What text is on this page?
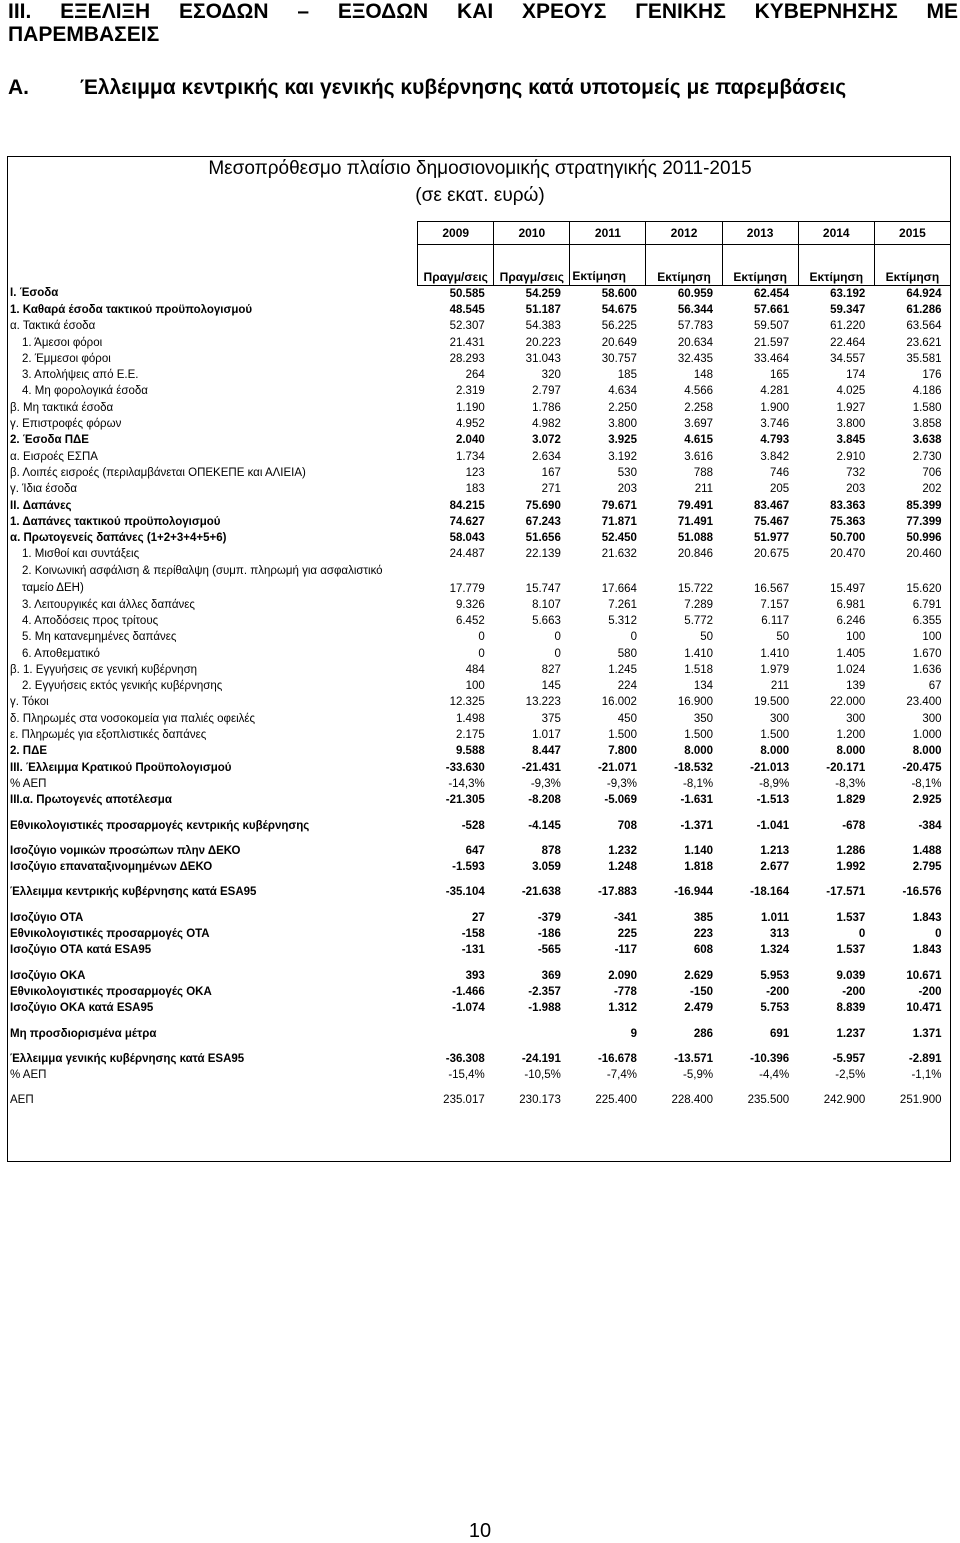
III. ΕΞΕΛΙΞΗ ΕΣΟΔΩΝ – ΕΞΟΔΩΝ ΚΑΙ ΧΡΕΟΥΣ ΓΕΝΙΚΗΣ ΚΥΒΕΡΝΗΣΗΣ ΜΕ
ΠΑΡΕΜΒΑΣΕΙΣ
Α. Έλλειμμα κεντρικής και γενικής κυβέρνησης κατά υποτομείς με παρεμβάσεις
Μεσοπρόθεσμο πλαίσιο δημοσιονομικής στρατηγικής 2011-2015
(σε εκατ. ευρώ)
	2009	2010	2011	2012	2013	2014	2015
	Πραγμ/σεις	Πραγμ/σεις	Εκτίμηση	Εκτίμηση	Εκτίμηση	Εκτίμηση	Εκτίμηση
I. Έσοδα	50.585	54.259	58.600	60.959	62.454	63.192	64.924
1. Καθαρά έσοδα τακτικού προϋπολογισμού	48.545	51.187	54.675	56.344	57.661	59.347	61.286
α. Τακτικά έσοδα	52.307	54.383	56.225	57.783	59.507	61.220	63.564
1. Άμεσοι φόροι	21.431	20.223	20.649	20.634	21.597	22.464	23.621
2. Έμμεσοι φόροι	28.293	31.043	30.757	32.435	33.464	34.557	35.581
3. Απολήψεις από Ε.Ε.	264	320	185	148	165	174	176
4. Μη φορολογικά έσοδα	2.319	2.797	4.634	4.566	4.281	4.025	4.186
β. Μη τακτικά έσοδα	1.190	1.786	2.250	2.258	1.900	1.927	1.580
γ. Επιστροφές φόρων	4.952	4.982	3.800	3.697	3.746	3.800	3.858
2. Έσοδα ΠΔΕ	2.040	3.072	3.925	4.615	4.793	3.845	3.638
α. Εισροές ΕΣΠΑ	1.734	2.634	3.192	3.616	3.842	2.910	2.730
β. Λοιπές εισροές (περιλαμβάνεται ΟΠΕΚΕΠΕ και ΑΛΙΕΙΑ)	123	167	530	788	746	732	706
γ. Ίδια έσοδα	183	271	203	211	205	203	202
II. Δαπάνες	84.215	75.690	79.671	79.491	83.467	83.363	85.399
1. Δαπάνες τακτικού προϋπολογισμού	74.627	67.243	71.871	71.491	75.467	75.363	77.399
α. Πρωτογενείς δαπάνες (1+2+3+4+5+6)	58.043	51.656	52.450	51.088	51.977	50.700	50.996
1. Μισθοί και συντάξεις	24.487	22.139	21.632	20.846	20.675	20.470	20.460
2. Κοινωνική ασφάλιση & περίθαλψη (συμπ. πληρωμή για ασφαλιστικό ταμείο ΔΕΗ)	17.779	15.747	17.664	15.722	16.567	15.497	15.620
3. Λειτουργικές και άλλες δαπάνες	9.326	8.107	7.261	7.289	7.157	6.981	6.791
4. Αποδόσεις προς τρίτους	6.452	5.663	5.312	5.772	6.117	6.246	6.355
5. Μη κατανεμημένες δαπάνες	0	0	0	50	50	100	100
6. Αποθεματικό	0	0	580	1.410	1.410	1.405	1.670
β. 1. Εγγυήσεις σε γενική κυβέρνηση	484	827	1.245	1.518	1.979	1.024	1.636
2. Εγγυήσεις εκτός γενικής κυβέρνησης	100	145	224	134	211	139	67
γ. Τόκοι	12.325	13.223	16.002	16.900	19.500	22.000	23.400
δ. Πληρωμές στα νοσοκομεία για παλιές οφειλές	1.498	375	450	350	300	300	300
ε. Πληρωμές για εξοπλιστικές δαπάνες	2.175	1.017	1.500	1.500	1.500	1.200	1.000
2. ΠΔΕ	9.588	8.447	7.800	8.000	8.000	8.000	8.000
III. Έλλειμμα Κρατικού Προϋπολογισμού	-33.630	-21.431	-21.071	-18.532	-21.013	-20.171	-20.475
% ΑΕΠ	-14,3%	-9,3%	-9,3%	-8,1%	-8,9%	-8,3%	-8,1%
III.α. Πρωτογενές αποτέλεσμα	-21.305	-8.208	-5.069	-1.631	-1.513	1.829	2.925

Εθνικολογιστικές προσαρμογές κεντρικής κυβέρνησης	-528	-4.145	708	-1.371	-1.041	-678	-384

Ισοζύγιο νομικών προσώπων πλην ΔΕΚΟ	647	878	1.232	1.140	1.213	1.286	1.488
Ισοζύγιο επαναταξινομημένων ΔΕΚΟ	-1.593	3.059	1.248	1.818	2.677	1.992	2.795

Έλλειμμα κεντρικής κυβέρνησης κατά ESA95	-35.104	-21.638	-17.883	-16.944	-18.164	-17.571	-16.576

Ισοζύγιο ΟΤΑ	27	-379	-341	385	1.011	1.537	1.843
Εθνικολογιστικές προσαρμογές ΟΤΑ	-158	-186	225	223	313	0	0
Ισοζύγιο ΟΤΑ κατά ESA95	-131	-565	-117	608	1.324	1.537	1.843

Ισοζύγιο ΟΚΑ	393	369	2.090	2.629	5.953	9.039	10.671
Εθνικολογιστικές προσαρμογές ΟΚΑ	-1.466	-2.357	-778	-150	-200	-200	-200
Ισοζύγιο ΟΚΑ κατά ESA95	-1.074	-1.988	1.312	2.479	5.753	8.839	10.471

Μη προσδιορισμένα μέτρα			9	286	691	1.237	1.371

Έλλειμμα γενικής κυβέρνησης κατά ESA95	-36.308	-24.191	-16.678	-13.571	-10.396	-5.957	-2.891
% ΑΕΠ	-15,4%	-10,5%	-7,4%	-5,9%	-4,4%	-2,5%	-1,1%

ΑΕΠ	235.017	230.173	225.400	228.400	235.500	242.900	251.900
10
